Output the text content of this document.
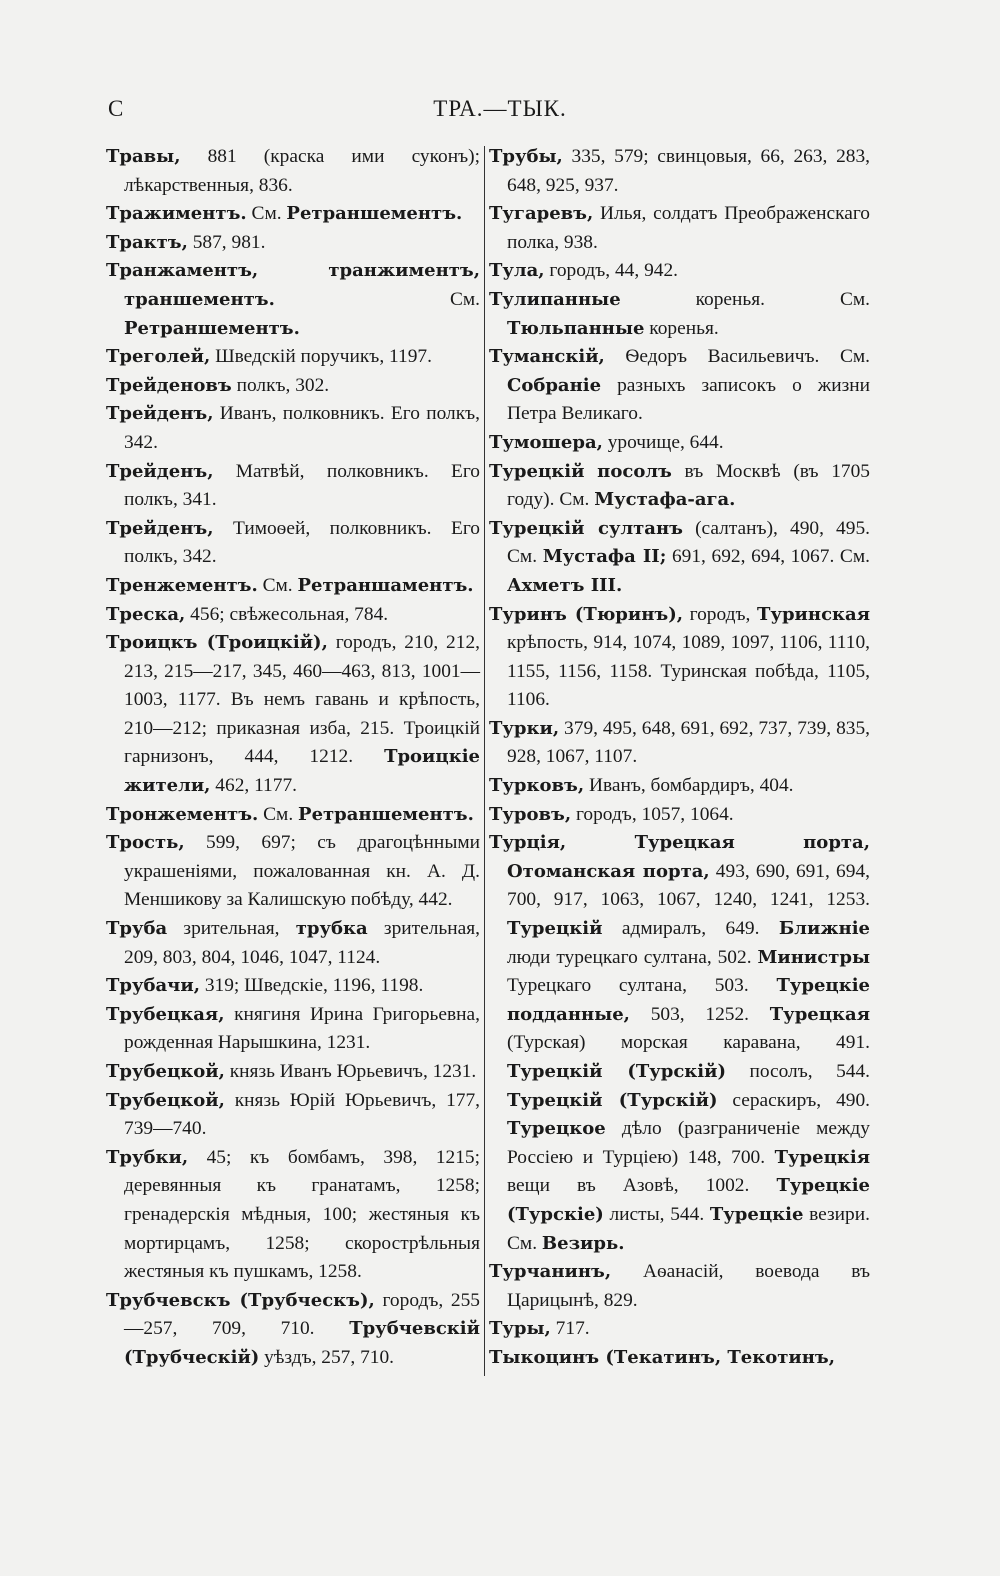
C	ТРА.—ТЫК.

Травы, 881 (краска ими суконъ); лѣкарственныя, 836.

Тражиментъ. См. Ретраншементъ.

Трактъ, 587, 981.

Транжаментъ, транжиментъ, траншементъ. См. Ретраншементъ.

Треголей, Шведскій поручикъ, 1197.

Трейденовъ полкъ, 302.

Трейденъ, Иванъ, полковникъ. Его полкъ, 342.

Трейденъ, Матвѣй, полковникъ. Его полкъ, 341.

Трейденъ, Тимоѳей, полковникъ. Его полкъ, 342.

Тренжементъ. См. Ретраншаментъ.

Треска, 456; свѣжесольная, 784.

Троицкъ (Троицкій), городъ, 210, 212, 213, 215—217, 345, 460—463, 813, 1001—1003, 1177. Въ немъ гавань и крѣпость, 210—212; приказная изба, 215. Троицкій гарнизонъ, 444, 1212. Троицкіе жители, 462, 1177.

Тронжементъ. См. Ретраншементъ.

Трость, 599, 697; съ драгоцѣнными украшеніями, пожалованная кн. А. Д. Меншикову за Калишскую побѣду, 442.

Труба зрительная, трубка зрительная, 209, 803, 804, 1046, 1047, 1124.

Трубачи, 319; Шведскіе, 1196, 1198.

Трубецкая, княгиня Ирина Григорьевна, рожденная Нарышкина, 1231.

Трубецкой, князь Иванъ Юрьевичъ, 1231.

Трубецкой, князь Юрій Юрьевичъ, 177, 739—740.

Трубки, 45; къ бомбамъ, 398, 1215; деревянныя къ гранатамъ, 1258; гренадерскія мѣдныя, 100; жестяныя къ мортирцамъ, 1258; скорострѣльныя жестяныя къ пушкамъ, 1258.

Трубчевскъ (Трубческъ), городъ, 255—257, 709, 710. Трубчевскій (Трубческій) уѣздъ, 257, 710.

Трубы, 335, 579; свинцовыя, 66, 263, 283, 648, 925, 937.

Тугаревъ, Илья, солдатъ Преображенскаго полка, 938.

Тула, городъ, 44, 942.

Тулипанные коренья. См. Тюльпанные коренья.

Туманскій, Ѳедоръ Васильевичъ. См. Собраніе разныхъ записокъ о жизни Петра Великаго.

Тумошера, урочище, 644.

Турецкій посолъ въ Москвѣ (въ 1705 году). См. Мустафа-ага.

Турецкій султанъ (салтанъ), 490, 495. См. Мустафа II; 691, 692, 694, 1067. См. Ахметъ III.

Туринъ (Тюринъ), городъ, Туринская крѣпость, 914, 1074, 1089, 1097, 1106, 1110, 1155, 1156, 1158. Туринская побѣда, 1105, 1106.

Турки, 379, 495, 648, 691, 692, 737, 739, 835, 928, 1067, 1107.

Турковъ, Иванъ, бомбардиръ, 404.

Туровъ, городъ, 1057, 1064.

Турція, Турецкая порта, Отоманская порта, 493, 690, 691, 694, 700, 917, 1063, 1067, 1240, 1241, 1253. Турецкій адмиралъ, 649. Ближніе люди турецкаго султана, 502. Министры Турецкаго султана, 503. Турецкіе подданные, 503, 1252. Турецкая (Турская) морская каравана, 491. Турецкій (Турскій) посолъ, 544. Турецкій (Турскій) сераскиръ, 490. Турецкое дѣло (разграниченіе между Россіею и Турціею) 148, 700. Турецкія вещи въ Азовѣ, 1002. Турецкіе (Турскіе) листы, 544. Турецкіе везири. См. Везирь.

Турчанинъ, Аѳанасій, воевода въ Царицынѣ, 829.

Туры, 717.

Тыкоцинъ (Текатинъ, Текотинъ,
